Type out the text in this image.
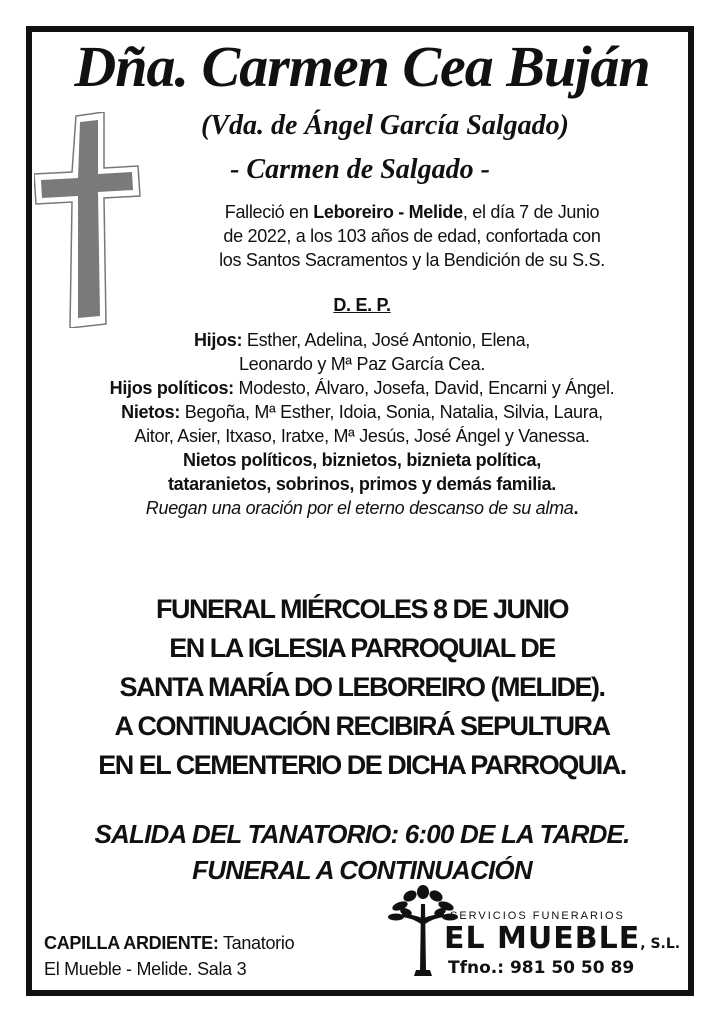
Dña. Carmen Cea Buján
(Vda. de Ángel García Salgado)
- Carmen de Salgado -
Falleció en Leboreiro - Melide, el día 7 de Junio
de 2022, a los 103 años de edad, confortada con
los Santos Sacramentos y la Bendición de su S.S.
D. E. P.

Hijos: Esther, Adelina, José Antonio, Elena,

Leonardo y Mª Paz García Cea.

Hijos políticos: Modesto, Álvaro, Josefa, David, Encarni y Ángel.

Nietos: Begoña, Mª Esther, Idoia, Sonia, Natalia, Silvia, Laura,

Aitor, Asier, Itxaso, Iratxe, Mª Jesús, José Ángel y Vanessa.

Nietos políticos, biznietos, biznieta política,

tataranietos, sobrinos, primos y demás familia.

Ruegan una oración por el eterno descanso de su alma.

FUNERAL MIÉRCOLES 8 DE JUNIO

EN LA IGLESIA PARROQUIAL DE

SANTA MARÍA DO LEBOREIRO (MELIDE).

A CONTINUACIÓN RECIBIRÁ SEPULTURA

EN EL CEMENTERIO DE DICHA PARROQUIA.

SALIDA DEL TANATORIO: 6:00 DE LA TARDE.

FUNERAL A CONTINUACIÓN

CAPILLA ARDIENTE: Tanatorio

El Mueble - Melide. Sala 3

SERVICIOS FUNERARIOS
EL MUEBLE, S.L.
Tfno.: 981 50 50 89
